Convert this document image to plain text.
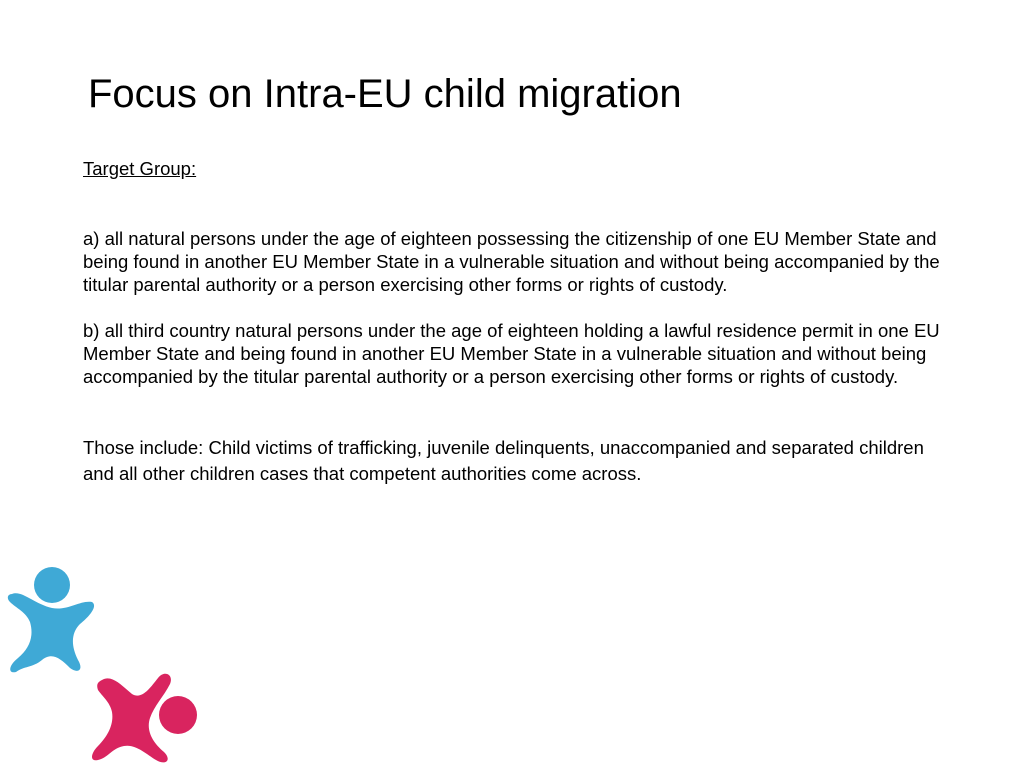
Focus on Intra-EU child migration

Target Group:

a) all natural persons under the age of eighteen possessing the citizenship of one EU Member State and being found in another EU Member State in a vulnerable situation and without being accompanied by the titular parental authority or a person exercising other forms or rights of custody.

b) all third country natural persons under the age of eighteen holding a lawful residence permit in one EU Member State and being found in another EU Member State in a vulnerable situation and without being accompanied by the titular parental authority or a person exercising other forms or rights of custody.

Those include: Child victims of trafficking, juvenile delinquents, unaccompanied and separated children and all other children cases that competent authorities come across.
